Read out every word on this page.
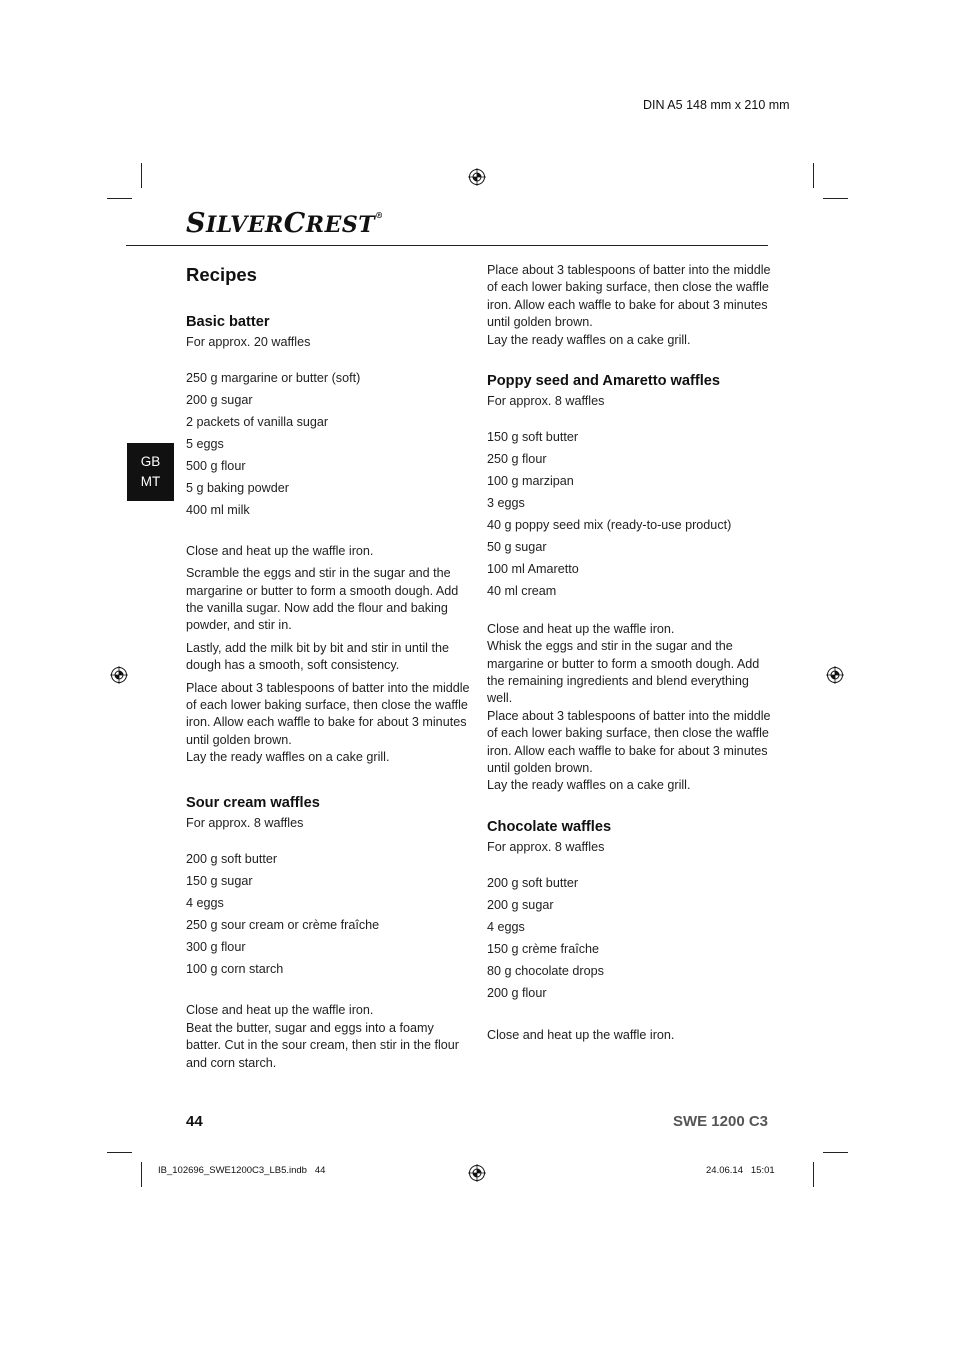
DIN A5 148 mm x 210 mm
IB_102696_SWE1200C3_LB5.indb   44	24.06.14   15:01
SILVERCREST®
GB
MT
Recipes
Basic batter

For approx. 20 waffles

250 g margarine or butter (soft)

200 g sugar

2 packets of vanilla sugar

5 eggs

500 g flour

5 g baking powder

400 ml milk

Close and heat up the waffle iron.

Scramble the eggs and stir in the sugar and the margarine or butter to form a smooth dough. Add the vanilla sugar. Now add the flour and baking powder, and stir in.

Lastly, add the milk bit by bit and stir in until the dough has a smooth, soft consistency.

Place about 3 tablespoons of batter into the middle of each lower baking surface, then close the waffle iron. Allow each waffle to bake for about 3 minutes until golden brown.

Lay the ready waffles on a cake grill.

Sour cream waffles

For approx. 8 waffles

200 g soft butter

150 g sugar

4 eggs

250 g sour cream or crème fraîche

300 g flour

100 g corn starch

Close and heat up the waffle iron.

Beat the butter, sugar and eggs into a foamy batter. Cut in the sour cream, then stir in the flour and corn starch.

Place about 3 tablespoons of batter into the middle of each lower baking surface, then close the waffle iron. Allow each waffle to bake for about 3 minutes until golden brown.

Lay the ready waffles on a cake grill.

Poppy seed and Amaretto waffles

For approx. 8 waffles

150 g soft butter

250 g flour

100 g marzipan

3 eggs

40 g poppy seed mix (ready-to-use product)

50 g sugar

100 ml Amaretto

40 ml cream

Close and heat up the waffle iron.

Whisk the eggs and stir in the sugar and the margarine or butter to form a smooth dough. Add the remaining ingredients and blend everything well.

Place about 3 tablespoons of batter into the middle of each lower baking surface, then close the waffle iron. Allow each waffle to bake for about 3 minutes until golden brown.

Lay the ready waffles on a cake grill.

Chocolate waffles

For approx. 8 waffles

200 g soft butter

200 g sugar

4 eggs

150 g crème fraîche

80 g chocolate drops

200 g flour

Close and heat up the waffle iron.

44	SWE 1200 C3
